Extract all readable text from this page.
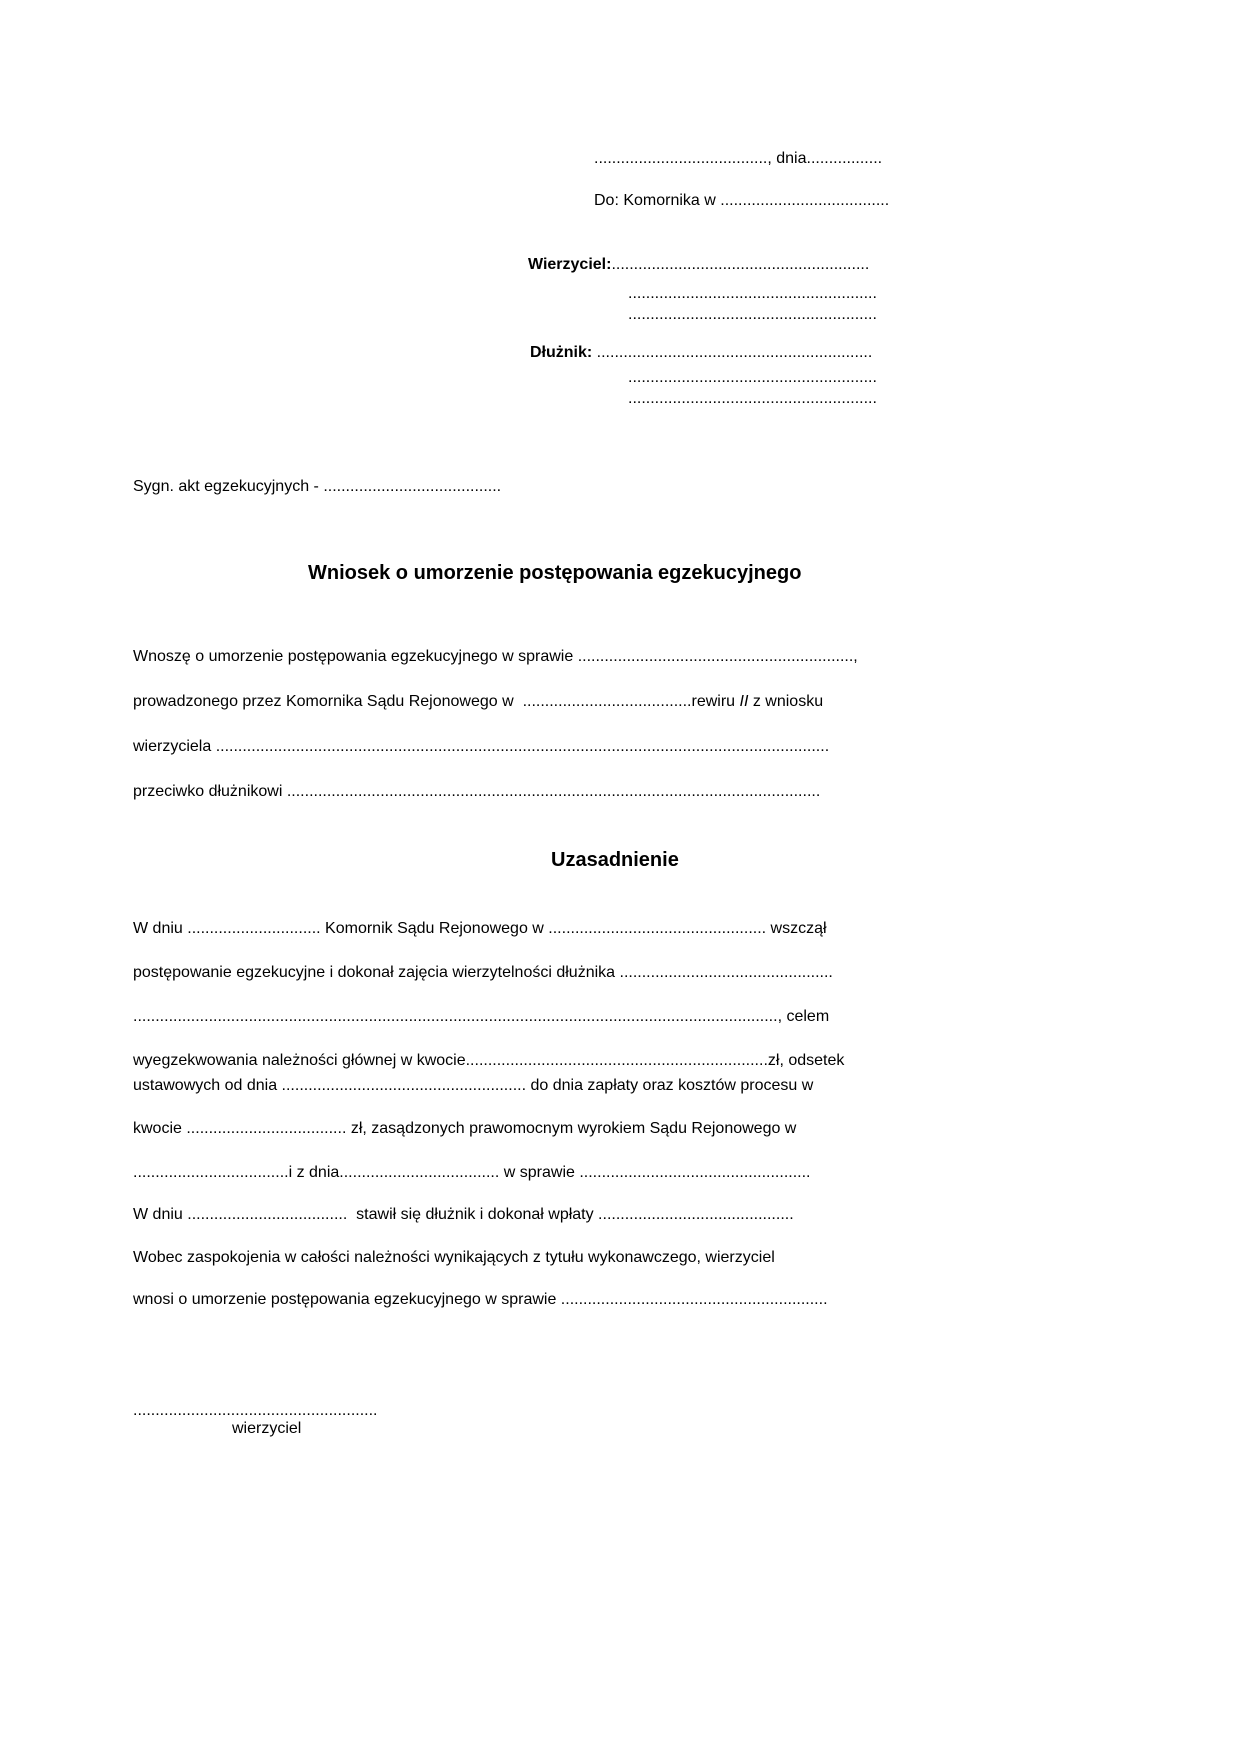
......................................., dnia.................
Do: Komornika w ......................................
Wierzyciel:..........................................................
........................................................
........................................................
Dłużnik: ..............................................................
........................................................
........................................................
Sygn. akt egzekucyjnych - ........................................
Wniosek o umorzenie postępowania egzekucyjnego
Wnoszę o umorzenie postępowania egzekucyjnego w sprawie ..............................................................,
prowadzonego przez Komornika Sądu Rejonowego w  ......................................rewiru II z wniosku
wierzyciela ..........................................................................................................................................
przeciwko dłużnikowi ........................................................................................................................
Uzasadnienie
W dniu .............................. Komornik Sądu Rejonowego w ................................................. wszczął
postępowanie egzekucyjne i dokonał zajęcia wierzytelności dłużnika ................................................
................................................................................................................................................., celem
wyegzekwowania należności głównej w kwocie....................................................................zł, odsetek
ustawowych od dnia ....................................................... do dnia zapłaty oraz kosztów procesu w
kwocie .................................... zł, zasądzonych prawomocnym wyrokiem Sądu Rejonowego w
...................................i z dnia.................................... w sprawie ....................................................
W dniu ....................................  stawił się dłużnik i dokonał wpłaty ............................................
Wobec zaspokojenia w całości należności wynikających z tytułu wykonawczego, wierzyciel
wnosi o umorzenie postępowania egzekucyjnego w sprawie ............................................................
.......................................................
wierzyciel
